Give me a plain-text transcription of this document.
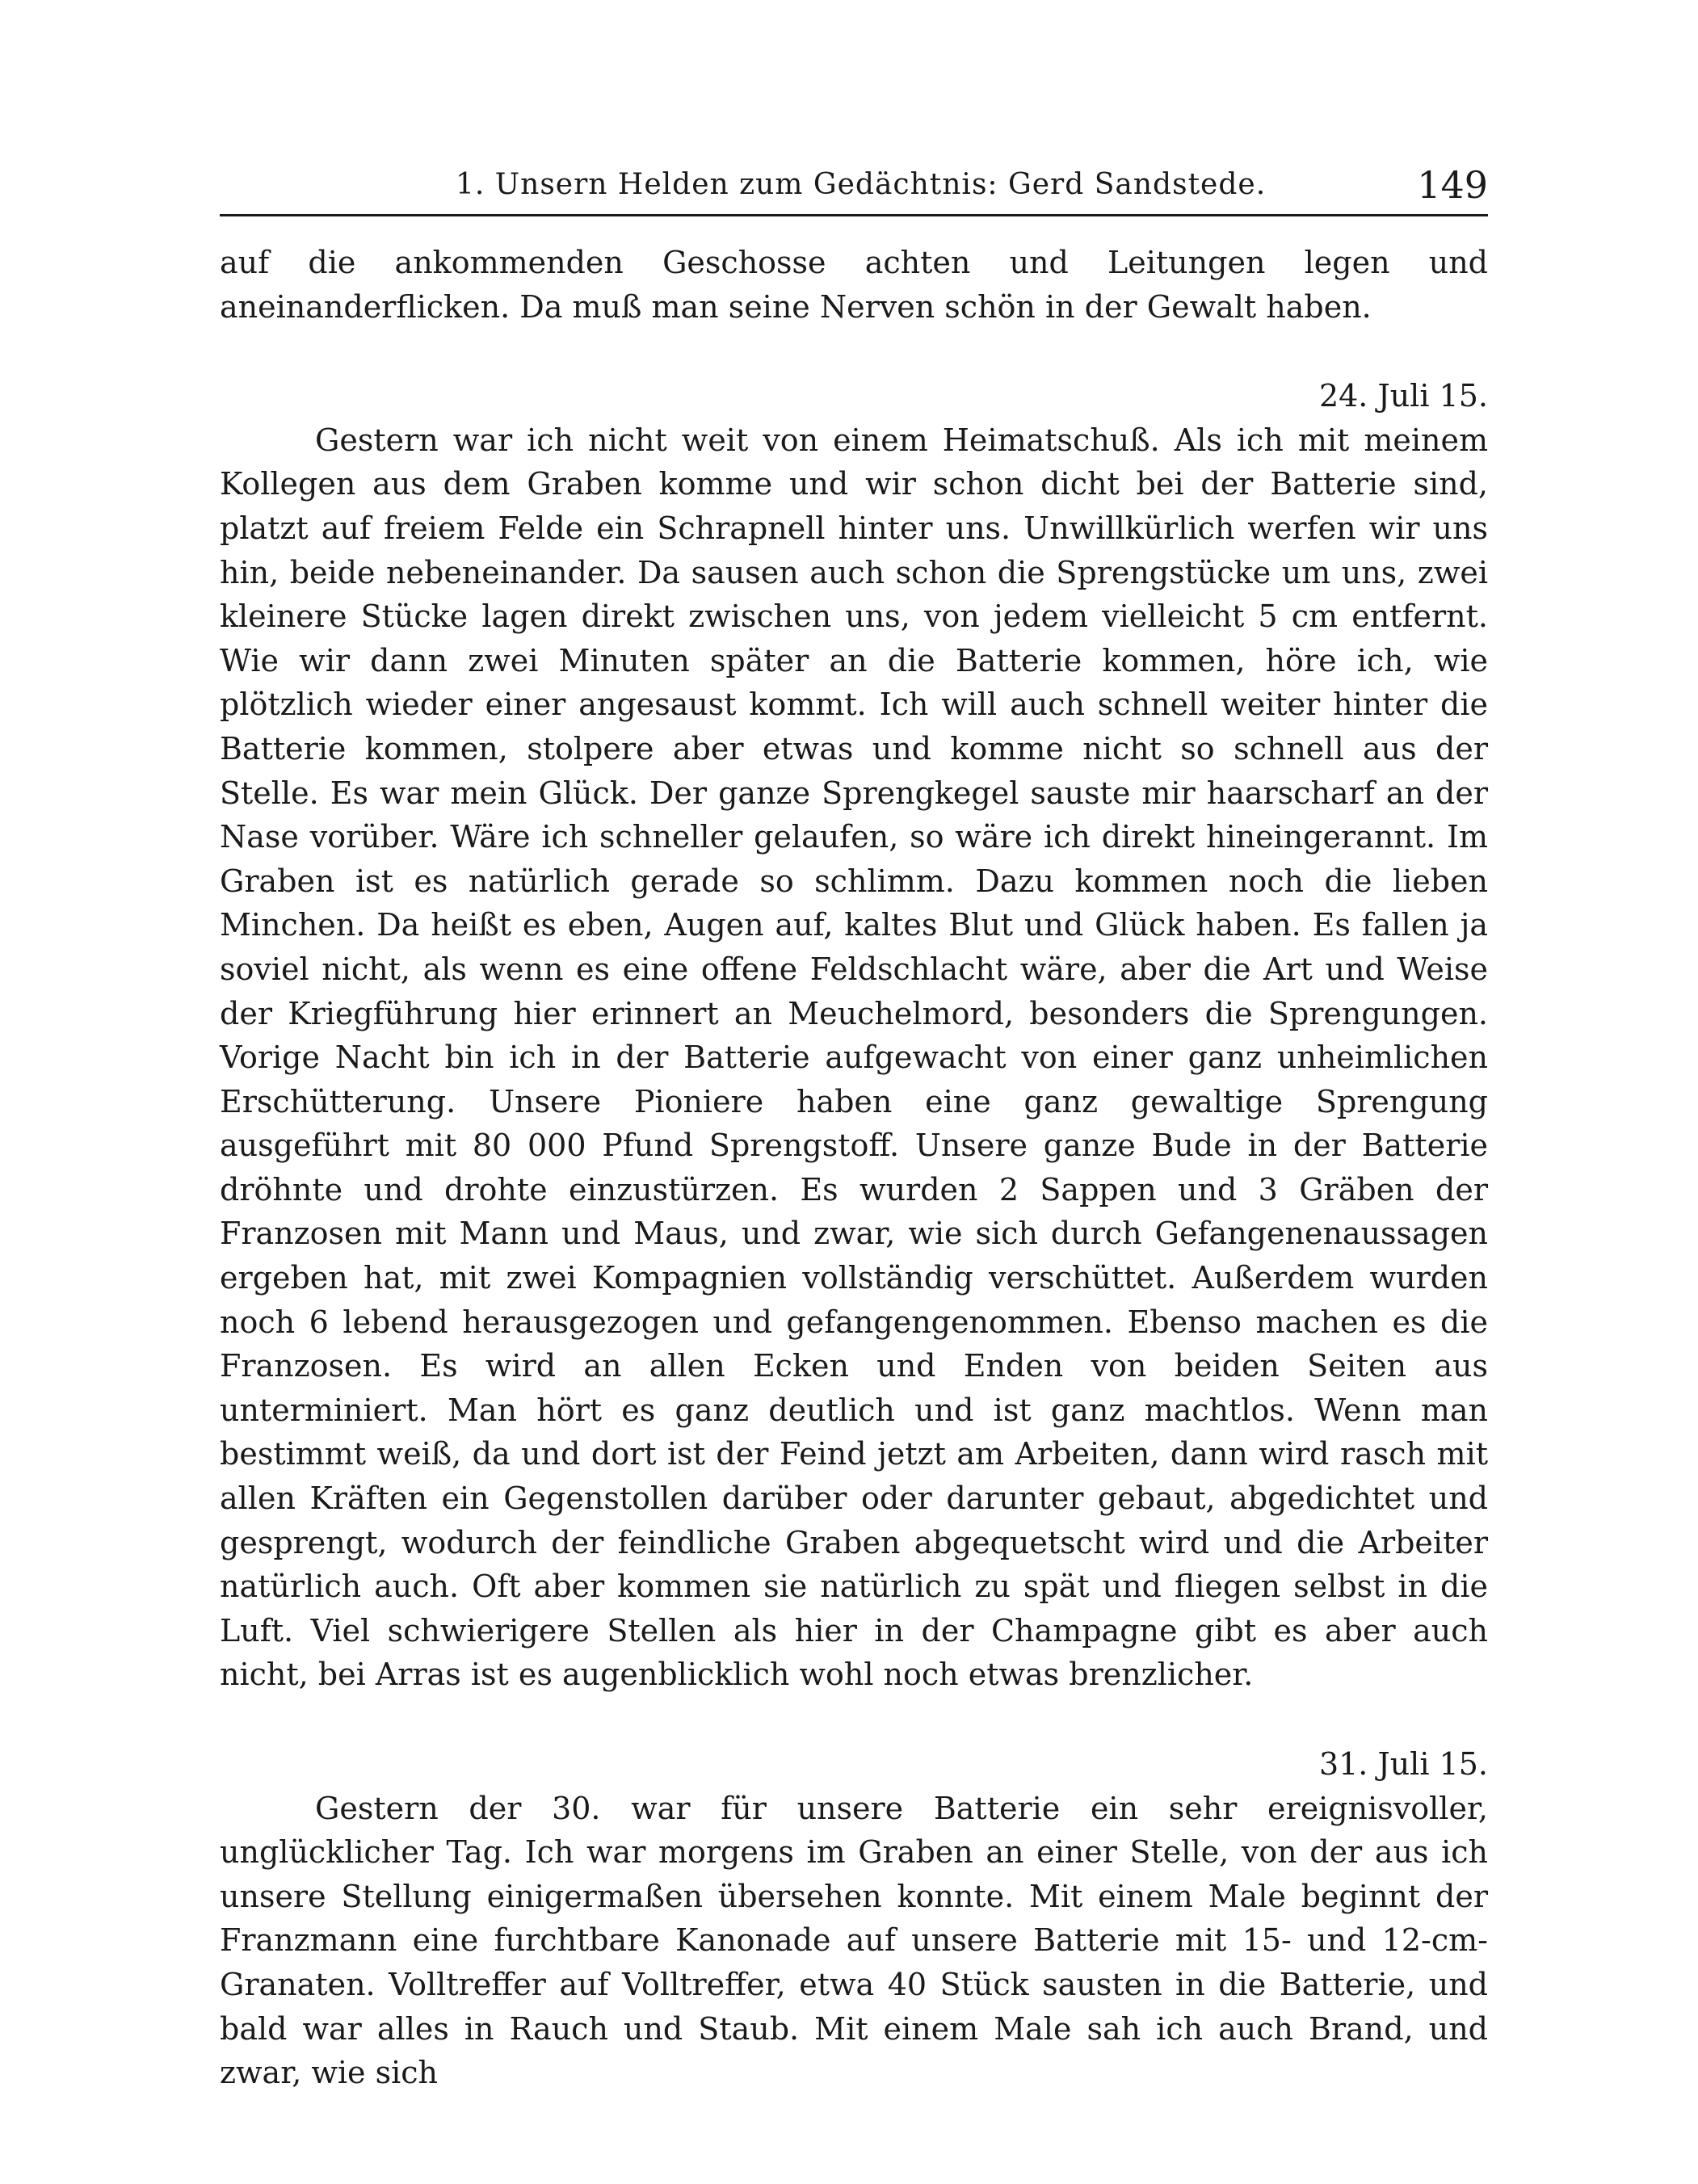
1. Unsern Helden zum Gedächtnis: Gerd Sandstede.	149

auf die ankommenden Geschosse achten und Leitungen legen und aneinanderflicken. Da muß man seine Nerven schön in der Gewalt haben.

24. Juli 15.

Gestern war ich nicht weit von einem Heimatschuß. Als ich mit meinem Kollegen aus dem Graben komme und wir schon dicht bei der Batterie sind, platzt auf freiem Felde ein Schrapnell hinter uns. Unwillkürlich werfen wir uns hin, beide nebeneinander. Da sausen auch schon die Sprengstücke um uns, zwei kleinere Stücke lagen direkt zwischen uns, von jedem vielleicht 5 cm entfernt. Wie wir dann zwei Minuten später an die Batterie kommen, höre ich, wie plötzlich wieder einer angesaust kommt. Ich will auch schnell weiter hinter die Batterie kommen, stolpere aber etwas und komme nicht so schnell aus der Stelle. Es war mein Glück. Der ganze Sprengkegel sauste mir haarscharf an der Nase vorüber. Wäre ich schneller gelaufen, so wäre ich direkt hineingerannt. Im Graben ist es natürlich gerade so schlimm. Dazu kommen noch die lieben Minchen. Da heißt es eben, Augen auf, kaltes Blut und Glück haben. Es fallen ja soviel nicht, als wenn es eine offene Feldschlacht wäre, aber die Art und Weise der Kriegführung hier erinnert an Meuchelmord, besonders die Sprengungen. Vorige Nacht bin ich in der Batterie aufgewacht von einer ganz unheimlichen Erschütterung. Unsere Pioniere haben eine ganz gewaltige Sprengung ausgeführt mit 80 000 Pfund Sprengstoff. Unsere ganze Bude in der Batterie dröhnte und drohte einzustürzen. Es wurden 2 Sappen und 3 Gräben der Franzosen mit Mann und Maus, und zwar, wie sich durch Gefangenenaussagen ergeben hat, mit zwei Kompagnien vollständig verschüttet. Außerdem wurden noch 6 lebend herausgezogen und gefangengenommen. Ebenso machen es die Franzosen. Es wird an allen Ecken und Enden von beiden Seiten aus unterminiert. Man hört es ganz deutlich und ist ganz machtlos. Wenn man bestimmt weiß, da und dort ist der Feind jetzt am Arbeiten, dann wird rasch mit allen Kräften ein Gegenstollen darüber oder darunter gebaut, abgedichtet und gesprengt, wodurch der feindliche Graben abgequetscht wird und die Arbeiter natürlich auch. Oft aber kommen sie natürlich zu spät und fliegen selbst in die Luft. Viel schwierigere Stellen als hier in der Champagne gibt es aber auch nicht, bei Arras ist es augenblicklich wohl noch etwas brenzlicher.

31. Juli 15.

Gestern der 30. war für unsere Batterie ein sehr ereignisvoller, unglücklicher Tag. Ich war morgens im Graben an einer Stelle, von der aus ich unsere Stellung einigermaßen übersehen konnte. Mit einem Male beginnt der Franzmann eine furchtbare Kanonade auf unsere Batterie mit 15- und 12-cm-Granaten. Volltreffer auf Volltreffer, etwa 40 Stück sausten in die Batterie, und bald war alles in Rauch und Staub. Mit einem Male sah ich auch Brand, und zwar, wie sich
